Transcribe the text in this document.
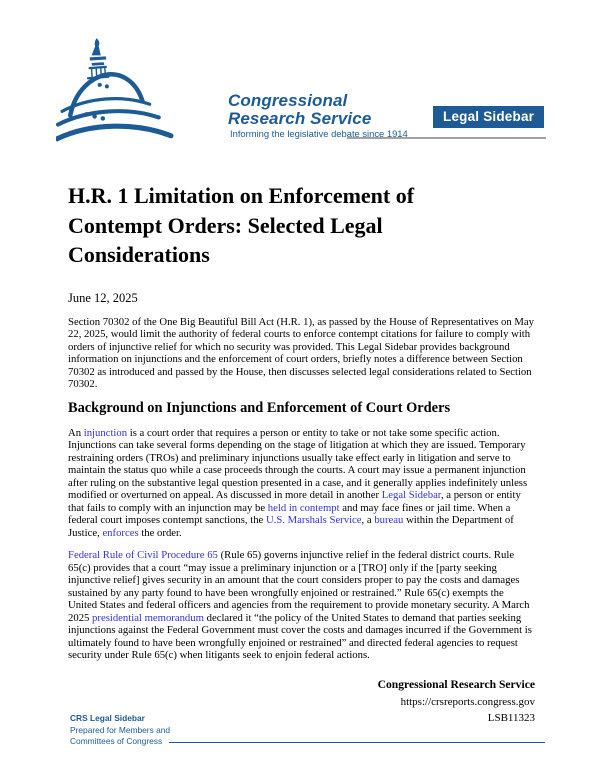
Congressional
Research Service
Informing the legislative debate since 1914
Legal Sidebar
H.R. 1 Limitation on Enforcement of Contempt Orders: Selected Legal Considerations
June 12, 2025

Section 70302 of the One Big Beautiful Bill Act (H.R. 1), as passed by the House of Representatives on May 22, 2025, would limit the authority of federal courts to enforce contempt citations for failure to comply with orders of injunctive relief for which no security was provided. This Legal Sidebar provides background information on injunctions and the enforcement of court orders, briefly notes a difference between Section 70302 as introduced and passed by the House, then discusses selected legal considerations related to Section 70302.

Background on Injunctions and Enforcement of Court Orders

An injunction is a court order that requires a person or entity to take or not take some specific action. Injunctions can take several forms depending on the stage of litigation at which they are issued. Temporary restraining orders (TROs) and preliminary injunctions usually take effect early in litigation and serve to maintain the status quo while a case proceeds through the courts. A court may issue a permanent injunction after ruling on the substantive legal question presented in a case, and it generally applies indefinitely unless modified or overturned on appeal. As discussed in more detail in another Legal Sidebar, a person or entity that fails to comply with an injunction may be held in contempt and may face fines or jail time. When a federal court imposes contempt sanctions, the U.S. Marshals Service, a bureau within the Department of Justice, enforces the order.

Federal Rule of Civil Procedure 65 (Rule 65) governs injunctive relief in the federal district courts. Rule 65(c) provides that a court “may issue a preliminary injunction or a [TRO] only if the [party seeking injunctive relief] gives security in an amount that the court considers proper to pay the costs and damages sustained by any party found to have been wrongfully enjoined or restrained.” Rule 65(c) exempts the United States and federal officers and agencies from the requirement to provide monetary security. A March 2025 presidential memorandum declared it “the policy of the United States to demand that parties seeking injunctions against the Federal Government must cover the costs and damages incurred if the Government is ultimately found to have been wrongfully enjoined or restrained” and directed federal agencies to request security under Rule 65(c) when litigants seek to enjoin federal actions.

Congressional Research Service
https://crsreports.congress.gov
LSB11323
CRS Legal Sidebar
Prepared for Members and
Committees of Congress
